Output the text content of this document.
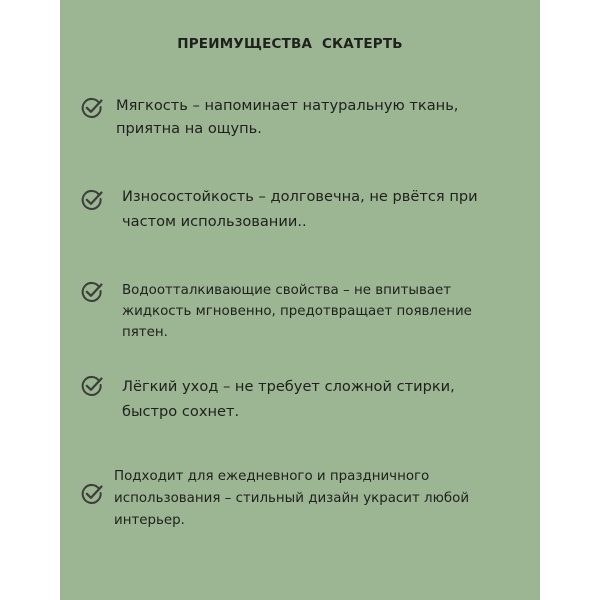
ПРЕИМУЩЕСТВА  СКАТЕРТЬ
Мягкость – напоминает натуральную ткань,
приятна на ощупь.
Износостойкость – долговечна, не рвётся при
частом использовании..
Водоотталкивающие свойства – не впитывает
жидкость мгновенно, предотвращает появление
пятен.
Лёгкий уход – не требует сложной стирки,
быстро сохнет.
Подходит для ежедневного и праздничного
использования – стильный дизайн украсит любой
интерьер.
